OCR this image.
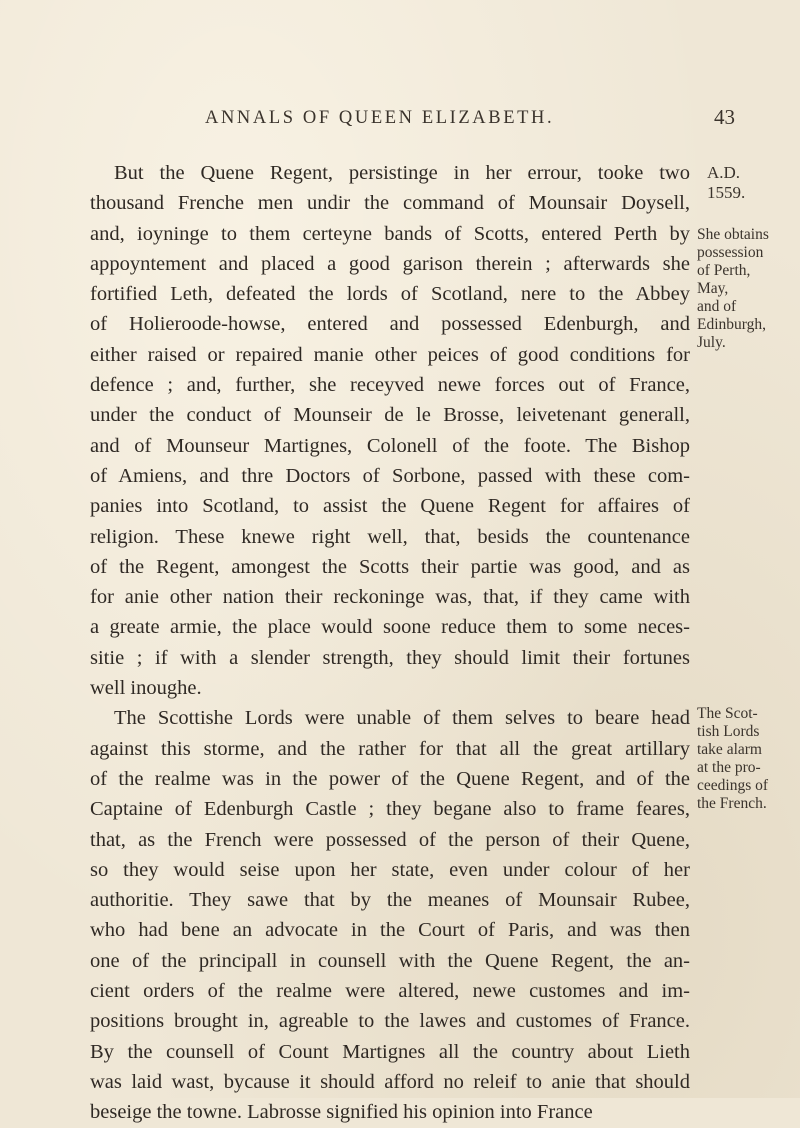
ANNALS OF QUEEN ELIZABETH.	43
But the Quene Regent, persistinge in her errour, tooke two
thousand Frenche men undir the command of Mounsair Doysell,
and, ioyninge to them certeyne bands of Scotts, entered Perth by
appoyntement and placed a good garison therein ; afterwards she
fortified Leth, defeated the lords of Scotland, nere to the Abbey
of Holieroode-howse, entered and possessed Edenburgh, and
either raised or repaired manie other peices of good conditions for
defence ; and, further, she receyved newe forces out of France,
under the conduct of Mounseir de le Brosse, leivetenant generall,
and of Mounseur Martignes, Colonell of the foote. The Bishop
of Amiens, and thre Doctors of Sorbone, passed with these com-
panies into Scotland, to assist the Quene Regent for affaires of
religion. These knewe right well, that, besids the countenance
of the Regent, amongest the Scotts their partie was good, and as
for anie other nation their reckoninge was, that, if they came with
a greate armie, the place would soone reduce them to some neces-
sitie ; if with a slender strength, they should limit their fortunes
well inoughe.
The Scottishe Lords were unable of them selves to beare head
against this storme, and the rather for that all the great artillary
of the realme was in the power of the Quene Regent, and of the
Captaine of Edenburgh Castle ; they begane also to frame feares,
that, as the French were possessed of the person of their Quene,
so they would seise upon her state, even under colour of her
authoritie. They sawe that by the meanes of Mounsair Rubee,
who had bene an advocate in the Court of Paris, and was then
one of the principall in counsell with the Quene Regent, the an-
cient orders of the realme were altered, newe customes and im-
positions brought in, agreable to the lawes and customes of France.
By the counsell of Count Martignes all the country about Lieth
was laid wast, bycause it should afford no releif to anie that should
beseige the towne. Labrosse signified his opinion into France
A.D.
1559.
She obtains
possession
of Perth,
May,
and of
Edinburgh,
July.
The Scot-
tish Lords
take alarm
at the pro-
ceedings of
the French.
